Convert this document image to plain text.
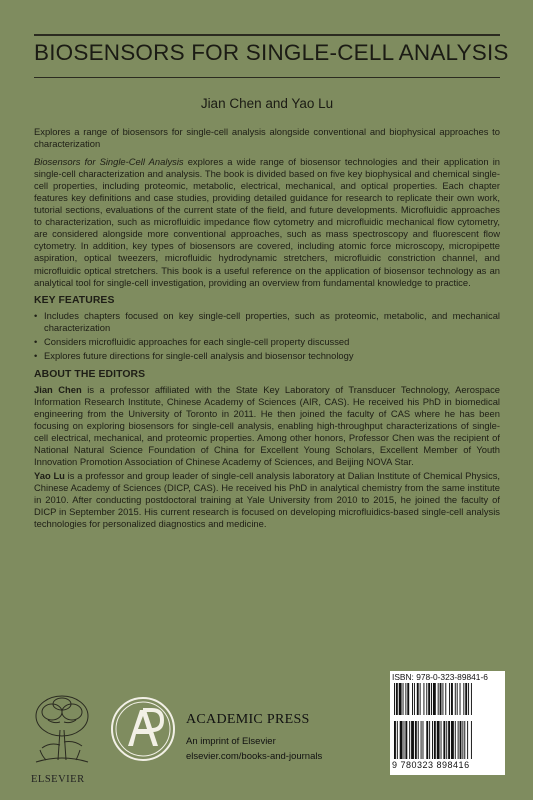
BIOSENSORS FOR SINGLE-CELL ANALYSIS
Jian Chen and Yao Lu

Explores a range of biosensors for single-cell analysis alongside conventional and biophysical approaches to characterization

Biosensors for Single-Cell Analysis explores a wide range of biosensor technologies and their application in single-cell characterization and analysis. The book is divided based on five key biophysical and chemical single-cell properties, including proteomic, metabolic, electrical, mechanical, and optical properties. Each chapter features key definitions and case studies, providing detailed guidance for research to replicate their own work, tutorial sections, evaluations of the current state of the field, and future developments. Microfluidic approaches to characterization, such as microfluidic impedance flow cytometry and microfluidic mechanical flow cytometry, are considered alongside more conventional approaches, such as mass spectroscopy and fluorescent flow cytometry. In addition, key types of biosensors are covered, including atomic force microscopy, micropipette aspiration, optical tweezers, microfluidic hydrodynamic stretchers, microfluidic constriction channel, and microfluidic optical stretchers. This book is a useful reference on the application of biosensor technology as an analytical tool for single-cell investigation, providing an overview from fundamental knowledge to practice.

KEY FEATURES
• Includes chapters focused on key single-cell properties, such as proteomic, metabolic, and mechanical characterization
• Considers microfluidic approaches for each single-cell property discussed
• Explores future directions for single-cell analysis and biosensor technology
ABOUT THE EDITORS

Jian Chen is a professor affiliated with the State Key Laboratory of Transducer Technology, Aerospace Information Research Institute, Chinese Academy of Sciences (AIR, CAS). He received his PhD in biomedical engineering from the University of Toronto in 2011. He then joined the faculty of CAS where he has been focusing on exploring biosensors for single-cell analysis, enabling high-throughput characterizations of single-cell electrical, mechanical, and proteomic properties. Among other honors, Professor Chen was the recipient of National Natural Science Foundation of China for Excellent Young Scholars, Excellent Member of Youth Innovation Promotion Association of Chinese Academy of Sciences, and Beijing NOVA Star.

Yao Lu is a professor and group leader of single-cell analysis laboratory at Dalian Institute of Chemical Physics, Chinese Academy of Sciences (DICP, CAS). He received his PhD in analytical chemistry from the same institute in 2010. After conducting postdoctoral training at Yale University from 2010 to 2015, he joined the faculty of DICP in September 2015. His current research is focused on developing microfluidics-based single-cell analysis technologies for personalized diagnostics and medicine.

ELSEVIER
ACADEMIC PRESS
An imprint of Elsevier
elsevier.com/books-and-journals
ISBN: 978-0-323-89841-6
9 780323 898416
